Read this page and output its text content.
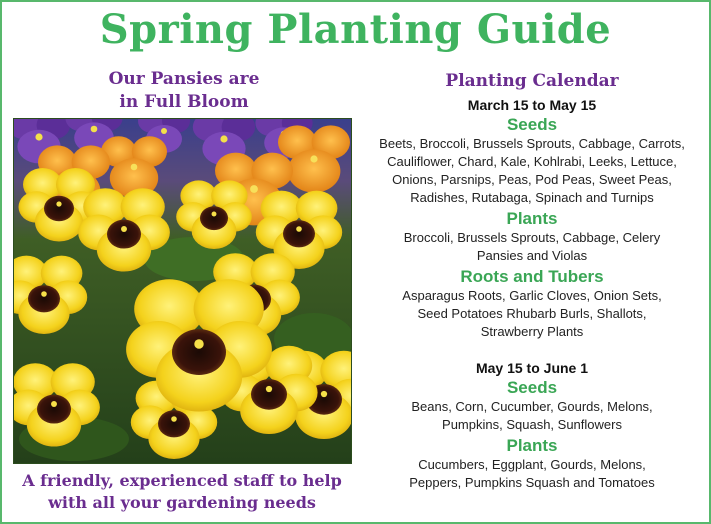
Spring Planting Guide
Our Pansies are
in Full Bloom
A friendly, experienced staff to help
with all your gardening needs
Planting Calendar
March 15 to May 15
Seeds
Beets, Broccoli, Brussels Sprouts, Cabbage, Carrots,
Cauliflower, Chard, Kale, Kohlrabi, Leeks, Lettuce,
Onions, Parsnips, Peas, Pod Peas, Sweet Peas,
Radishes, Rutabaga, Spinach and Turnips
Plants
Broccoli, Brussels Sprouts, Cabbage, Celery
Pansies and Violas
Roots and Tubers
Asparagus Roots, Garlic Cloves, Onion Sets,
Seed Potatoes Rhubarb Burls, Shallots,
Strawberry Plants
May 15 to June 1
Seeds
Beans, Corn, Cucumber, Gourds, Melons,
Pumpkins, Squash, Sunflowers
Plants
Cucumbers, Eggplant, Gourds, Melons,
Peppers, Pumpkins Squash and Tomatoes
